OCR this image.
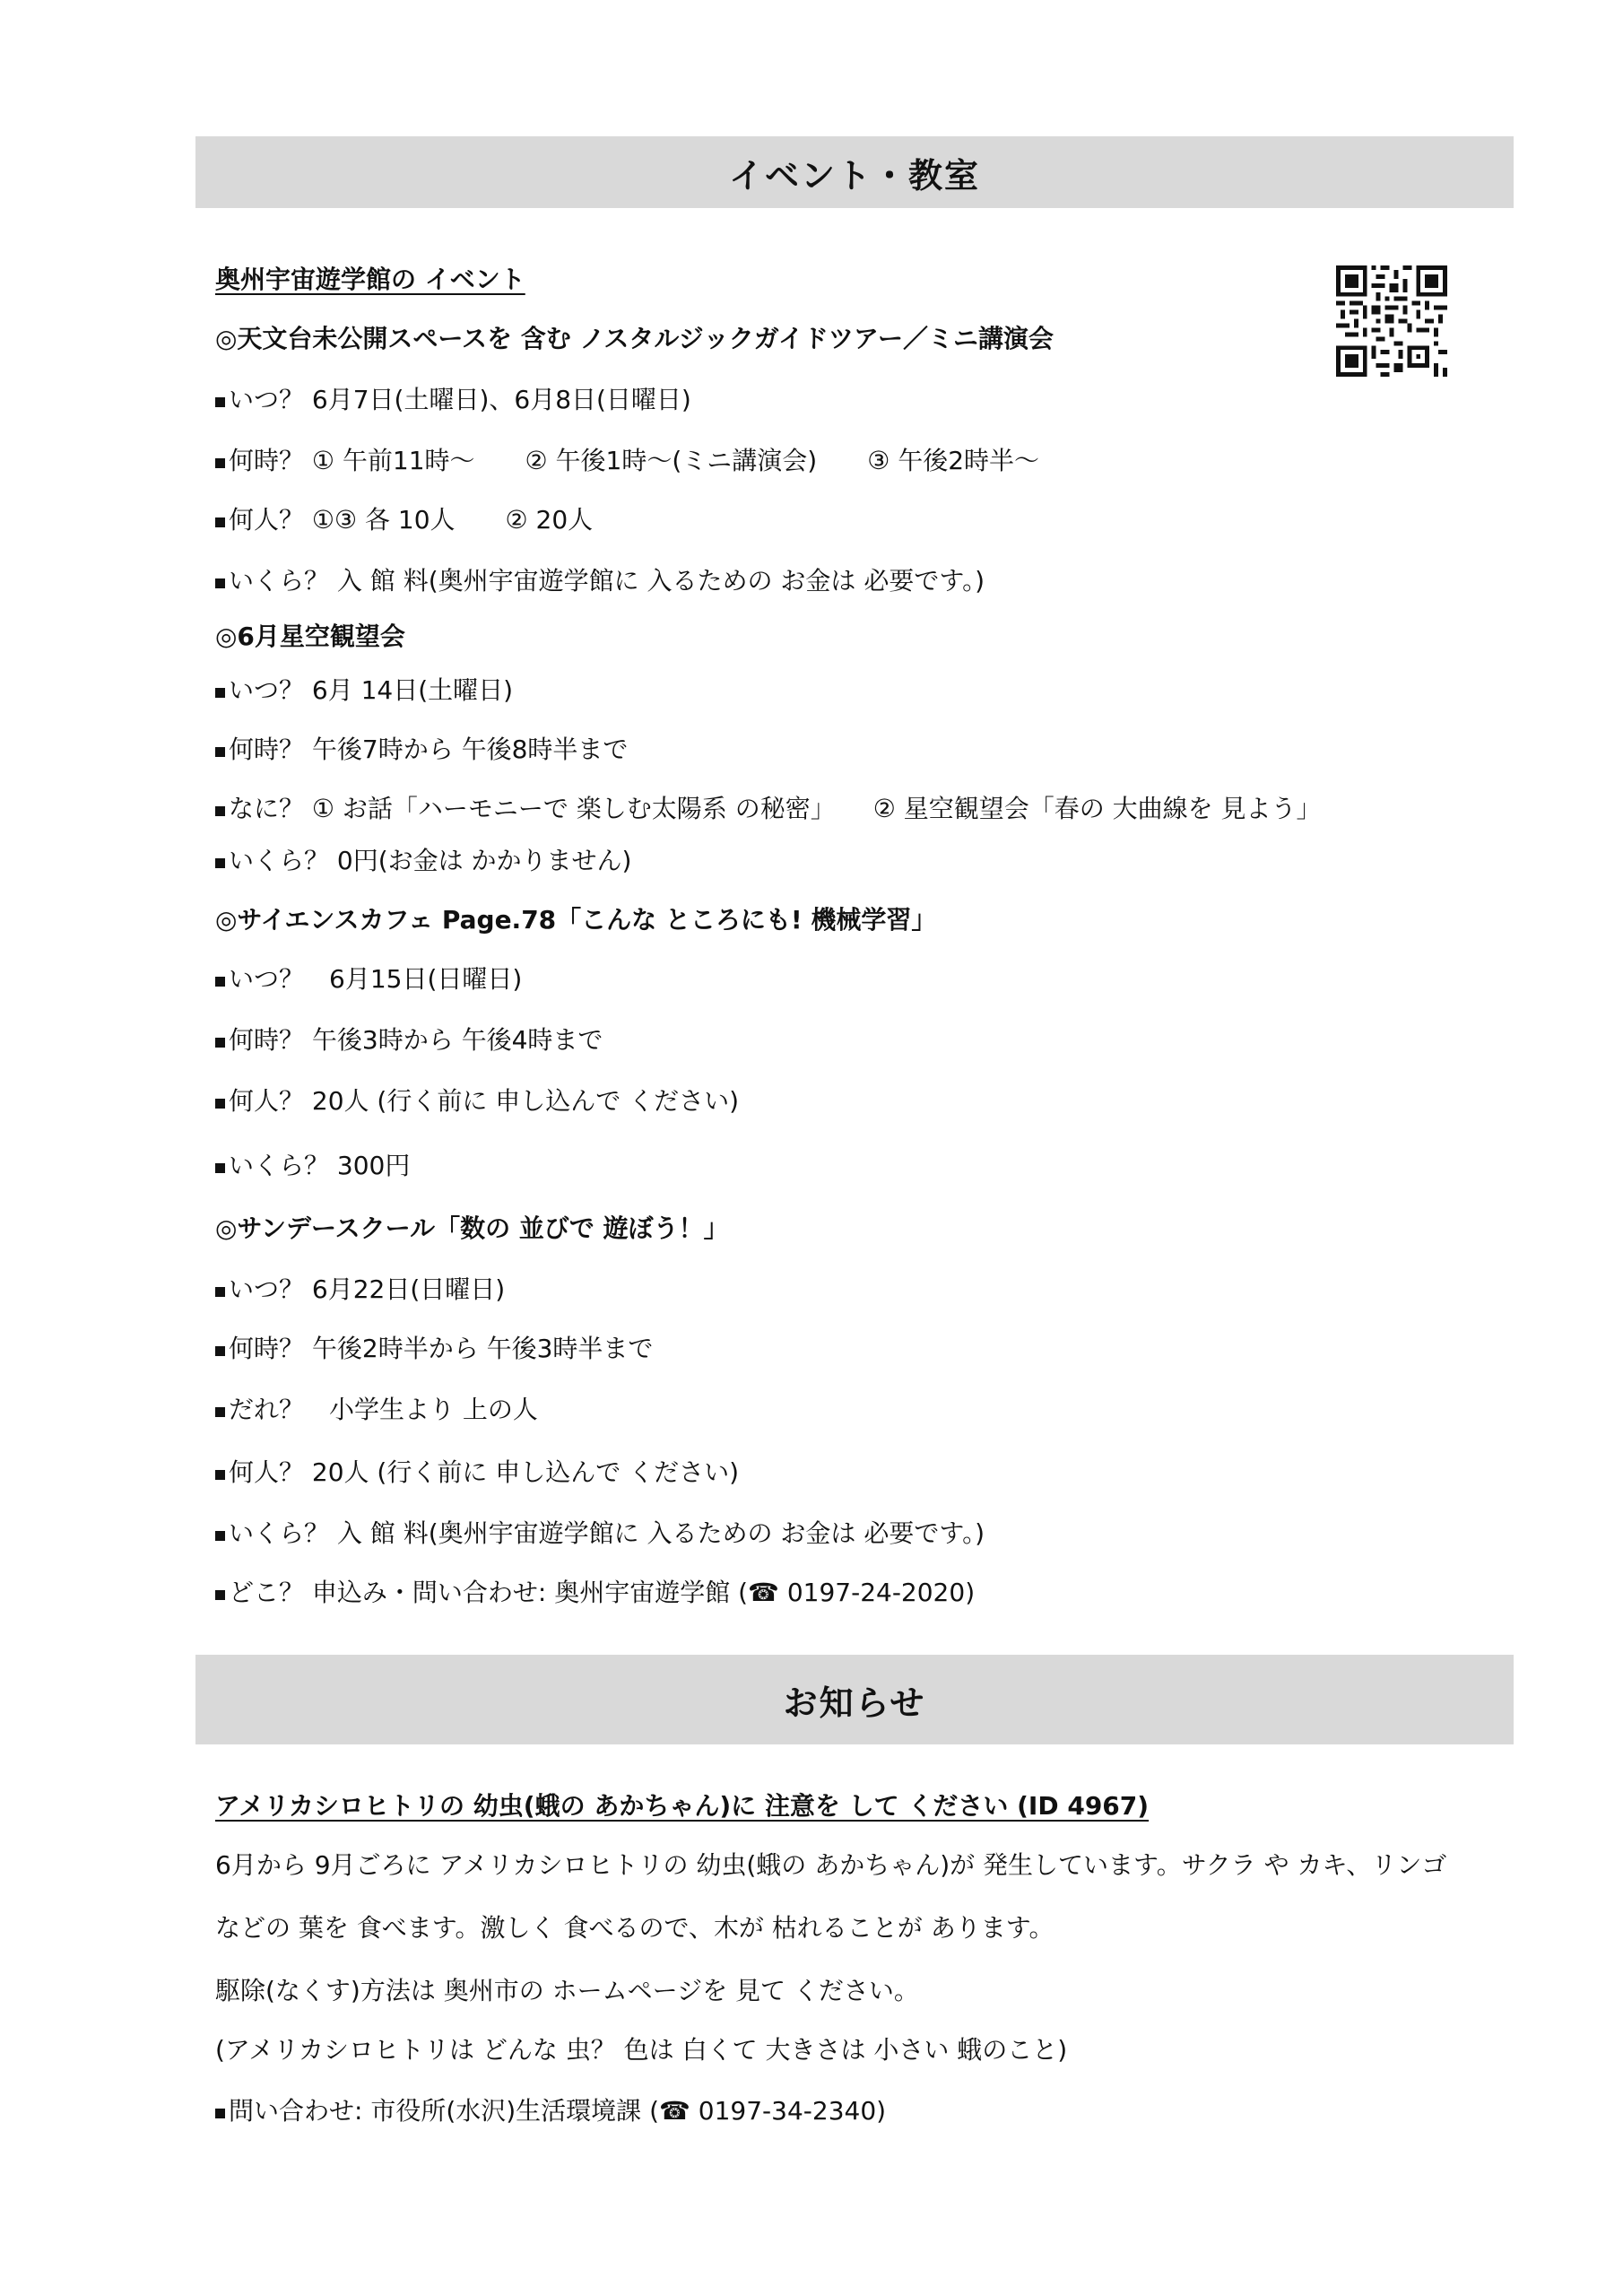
イベント・教室
奥州宇宙遊学館の イベント
◎天文台未公開スペースを 含む ノスタルジックガイドツアー／ミニ講演会
いつ？ 6月7日(土曜日)、6月8日(日曜日)
何時？ ① 午前11時～　　② 午後1時～(ミニ講演会)　　③ 午後2時半～
何人？ ①③ 各 10人　　② 20人
いくら？ 入 館 料(奥州宇宙遊学館に 入るための お金は 必要です。)
◎6月星空観望会
いつ？ 6月 14日(土曜日)
何時？ 午後7時から 午後8時半まで
なに？ ① お話「ハーモニーで 楽しむ太陽系 の秘密」　　② 星空観望会「春の 大曲線を 見よう」
いくら？ 0円(お金は かかりません)
◎サイエンスカフェ Page.78「こんな ところにも! 機械学習」
いつ？　6月15日(日曜日)
何時？ 午後3時から 午後4時まで
何人？ 20人 (行く前に 申し込んで ください)
いくら？ 300円
◎サンデースクール「数の 並びで 遊ぼう！」
いつ？ 6月22日(日曜日)
何時？ 午後2時半から 午後3時半まで
だれ？　小学生より 上の人
何人？ 20人 (行く前に 申し込んで ください)
いくら？ 入 館 料(奥州宇宙遊学館に 入るための お金は 必要です。)
どこ？ 申込み・問い合わせ: 奥州宇宙遊学館 (☎ 0197-24-2020)
お知らせ
アメリカシロヒトリの 幼虫(蛾の あかちゃん)に 注意を して ください (ID 4967)
6月から 9月ごろに アメリカシロヒトリの 幼虫(蛾の あかちゃん)が 発生しています。サクラ や カキ、リンゴ
などの 葉を 食べます。激しく 食べるので、木が 枯れることが あります。
駆除(なくす)方法は 奥州市の ホームページを 見て ください。
(アメリカシロヒトリは どんな 虫？ 色は 白くて 大きさは 小さい 蛾のこと)
問い合わせ: 市役所(水沢)生活環境課 (☎ 0197-34-2340)
